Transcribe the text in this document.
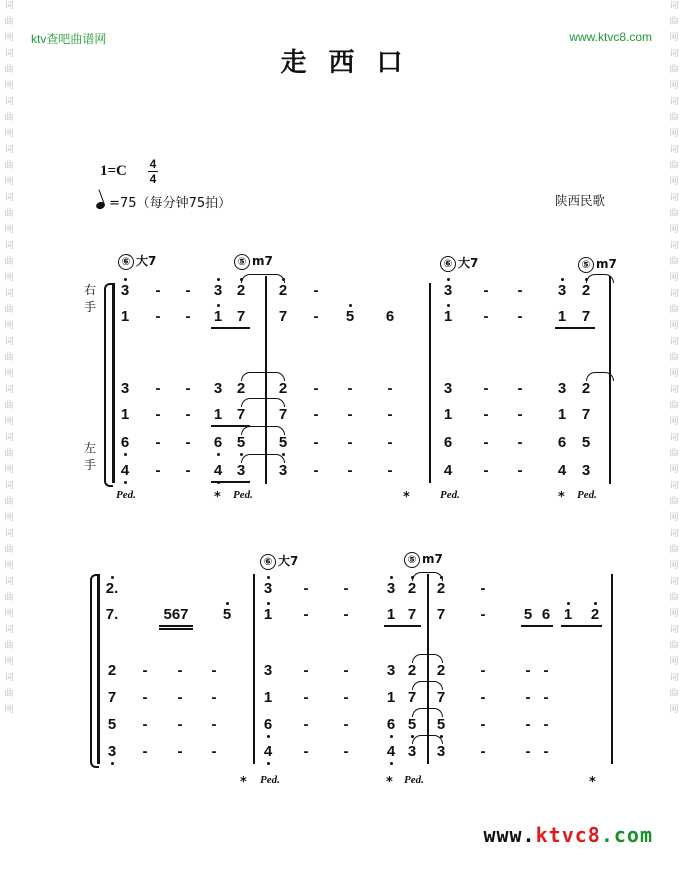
词
曲
网
词
曲
网
词
曲
网
词
曲
网
词
曲
网
词
曲
网
词
曲
网
词
曲
网
词
曲
网
词
曲
网
词
曲
网
词
曲
网
词
曲
网
词
曲
网
词
曲
网
词
曲
网
词
曲
网
词
曲
网
词
曲
网
词
曲
网
词
曲
网
词
曲
网
词
曲
网
词
曲
网
词
曲
网
词
曲
网
词
曲
网
词
曲
网
词
曲
网
词
曲
网
ktv查吧曲谱网	www.ktvc8.com
走西口
1=C 4
4
=75（每分钟75拍）	陕西民歌
右手
左手
⑥ 大7	⑤ m7	⑥ 大7	⑤ m7
⑥ 大7	⑤ m7
3	-	-	3 2 2	-
1	-	-	1 7 7	-	5 6
3	-	-	3 2 2	-	-	-
1	-	-	1 7 7	-	-	-
6	-	-	6 5 5	-	-	-
4	-	-	4 3 3	-	-	-
3	-	-	3 2
1	-	-	1 7
3	-	-	3 2
1	-	-	1 7
6	-	-	6 5
4	-	-	4 3
Ped.	* Ped.	*	Ped.	* Ped.
2.
7.	567 5
2	-	-	-
7	-	-	-
5	-	-	-
3	-	-	-
3	-	-	3 2 2	-
1	-	-	1 7 7	-	5 6 1 2
3	-	-	3 2 2	-	- -
1	-	-	1 7 7	-	- -
6	-	-	6 5 5	-	- -
4	-	-	4 3 3	-	- -
* Ped.	* Ped.	*
www.ktvc8.com
